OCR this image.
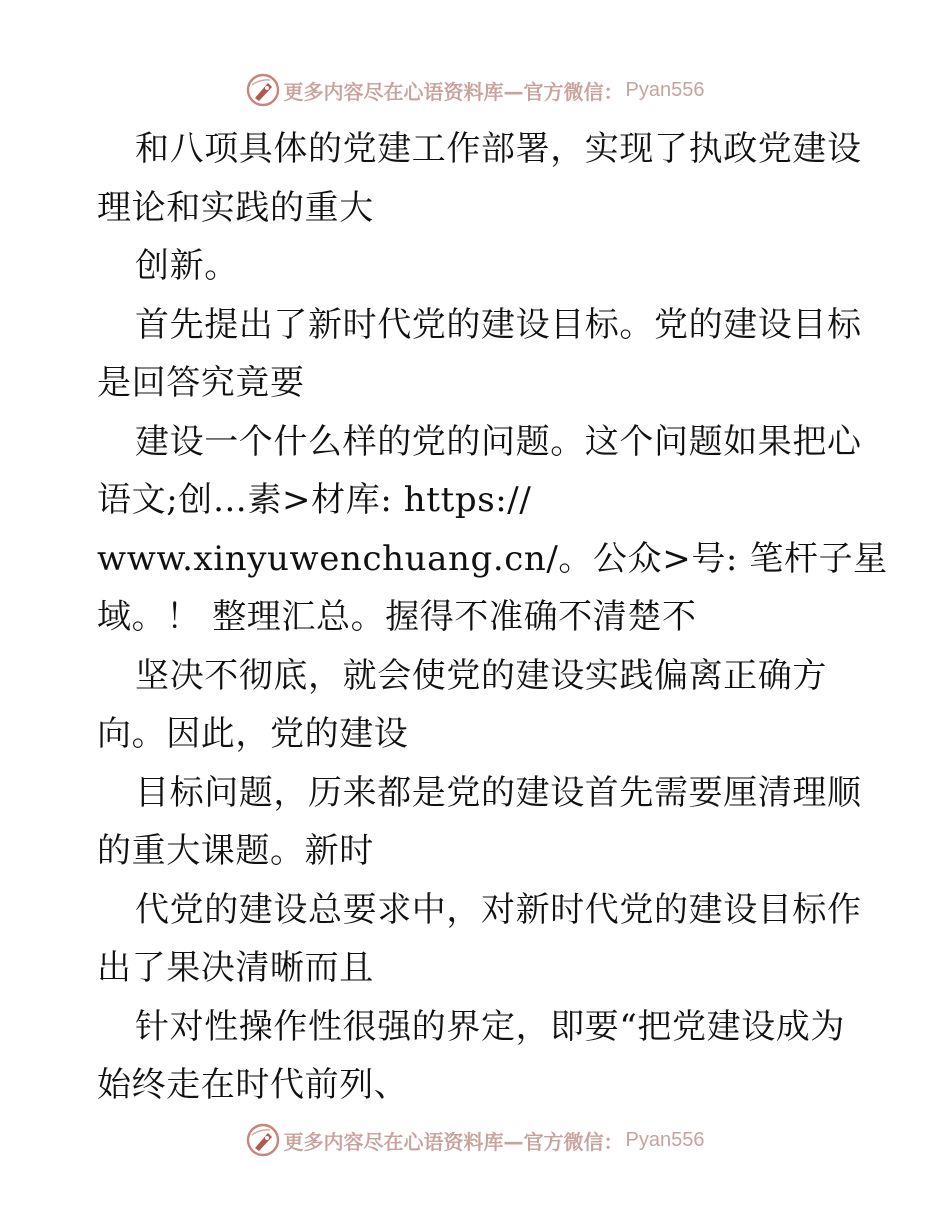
更多内容尽在心语资料库—官方微信： Pyan556
和八项具体的党建工作部署，实现了执政党建设
理论和实践的重大
创新。
首先提出了新时代党的建设目标。党的建设目标
是回答究竟要
建设一个什么样的党的问题。这个问题如果把心
语文;创…素>材库: https://
www.xinyuwenchuang.cn/。公众>号: 笔杆子星
域。！ 整理汇总。握得不准确不清楚不
坚决不彻底，就会使党的建设实践偏离正确方
向。因此，党的建设
目标问题，历来都是党的建设首先需要厘清理顺
的重大课题。新时
代党的建设总要求中，对新时代党的建设目标作
出了果决清晰而且
针对性操作性很强的界定，即要“把党建设成为
始终走在时代前列、
更多内容尽在心语资料库—官方微信： Pyan556
